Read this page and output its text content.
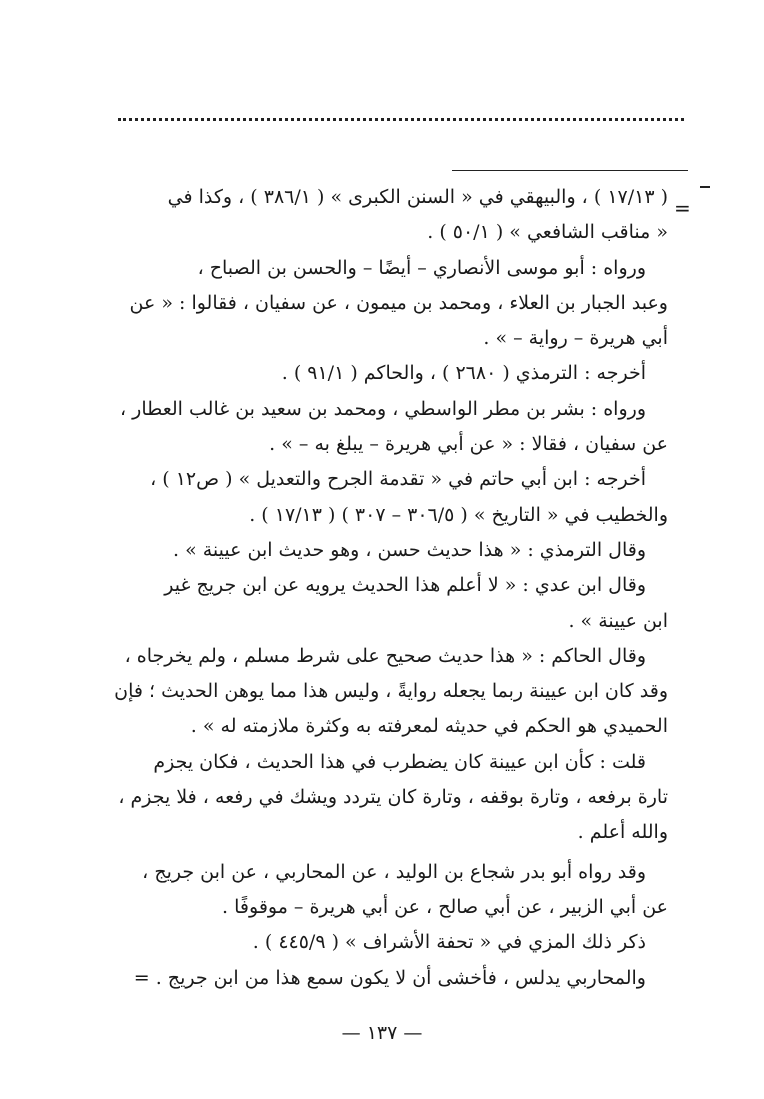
=
( ١٧/١٣ ) ، والبيهقي في « السنن الكبرى » ( ٣٨٦/١ ) ، وكذا في
« مناقب الشافعي » ( ٥٠/١ ) .
ورواه : أبو موسى الأنصاري – أيضًا – والحسن بن الصباح ،
وعبد الجبار بن العلاء ، ومحمد بن ميمون ، عن سفيان ، فقالوا : « عن
أبي هريرة – رواية – » .
أخرجه : الترمذي ( ٢٦٨٠ ) ، والحاكم ( ٩١/١ ) .
ورواه : بشر بن مطر الواسطي ، ومحمد بن سعيد بن غالب العطار ،
عن سفيان ، فقالا : « عن أبي هريرة – يبلغ به – » .
أخرجه : ابن أبي حاتم في « تقدمة الجرح والتعديل » ( ص١٢ ) ،
والخطيب في « التاريخ » ( ٣٠٦/٥ – ٣٠٧ ) ( ١٧/١٣ ) .
وقال الترمذي : « هذا حديث حسن ، وهو حديث ابن عيينة » .
وقال ابن عدي : « لا أعلم هذا الحديث يرويه عن ابن جريج غير
ابن عيينة » .
وقال الحاكم : « هذا حديث صحيح على شرط مسلم ، ولم يخرجاه ،
وقد كان ابن عيينة ربما يجعله روايةً ، وليس هذا مما يوهن الحديث ؛ فإن
الحميدي هو الحكم في حديثه لمعرفته به وكثرة ملازمته له » .
قلت : كأن ابن عيينة كان يضطرب في هذا الحديث ، فكان يجزم
تارة برفعه ، وتارة بوقفه ، وتارة كان يتردد ويشك في رفعه ، فلا يجزم ،
والله أعلم .
وقد رواه أبو بدر شجاع بن الوليد ، عن المحاربي ، عن ابن جريج ،
عن أبي الزبير ، عن أبي صالح ، عن أبي هريرة – موقوفًا .
ذكر ذلك المزي في « تحفة الأشراف » ( ٤٤٥/٩ ) .
والمحاربي يدلس ، فأخشى أن لا يكون سمع هذا من ابن جريج . =
— ١٣٧ —
